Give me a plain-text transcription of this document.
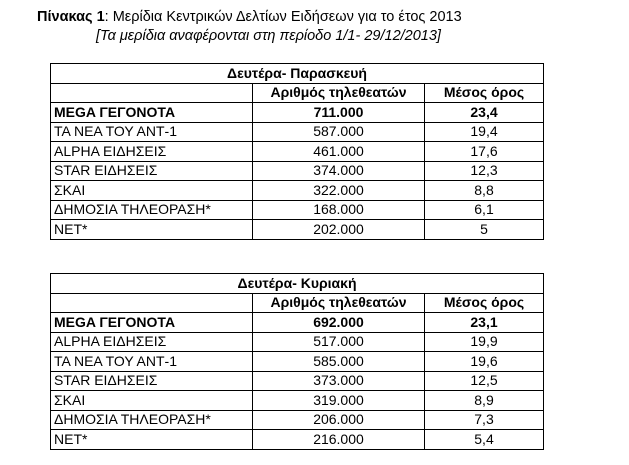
Πίνακας 1: Μερίδια Κεντρικών Δελτίων Ειδήσεων για το έτος 2013
[Τα μερίδια αναφέρονται στη περίοδο 1/1- 29/12/2013]
Δευτέρα- Παρασκευή		
	Αριθμός τηλεθεατών	Μέσος όρος
MEGA ΓΕΓΟΝΟΤΑ	711.000	23,4
ΤΑ ΝΕΑ ΤΟΥ ΑΝΤ-1	587.000	19,4
ALPHA ΕΙΔΗΣΕΙΣ	461.000	17,6
STAR ΕΙΔΗΣΕΙΣ	374.000	12,3
ΣΚΑΙ	322.000	8,8
ΔΗΜΟΣΙΑ ΤΗΛΕΟΡΑΣΗ*	168.000	6,1
NET*	202.000	5
Δευτέρα- Κυριακή		
	Αριθμός τηλεθεατών	Μέσος όρος
MEGA ΓΕΓΟΝΟΤΑ	692.000	23,1
ALPHA ΕΙΔΗΣΕΙΣ	517.000	19,9
ΤΑ ΝΕΑ ΤΟΥ ΑΝΤ-1	585.000	19,6
STAR ΕΙΔΗΣΕΙΣ	373.000	12,5
ΣΚΑΙ	319.000	8,9
ΔΗΜΟΣΙΑ ΤΗΛΕΟΡΑΣΗ*	206.000	7,3
NET*	216.000	5,4
